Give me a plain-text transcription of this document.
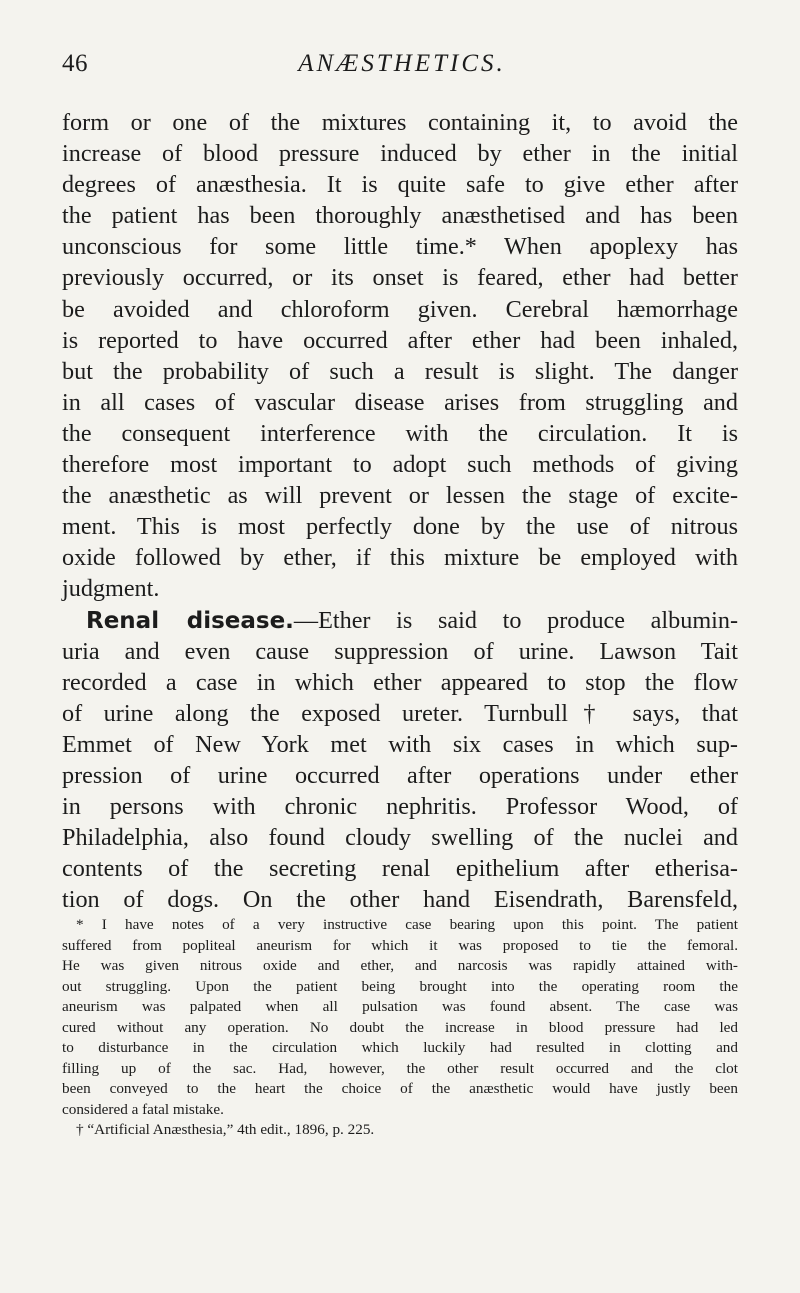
46	ANÆSTHETICS.
form or one of the mixtures containing it, to avoid the
increase of blood pressure induced by ether in the initial
degrees of anæsthesia. It is quite safe to give ether after
the patient has been thoroughly anæsthetised and has been
unconscious for some little time.* When apoplexy has
previously occurred, or its onset is feared, ether had better
be avoided and chloroform given. Cerebral hæmorrhage
is reported to have occurred after ether had been inhaled,
but the probability of such a result is slight. The danger
in all cases of vascular disease arises from struggling and
the consequent interference with the circulation. It is
therefore most important to adopt such methods of giving
the anæsthetic as will prevent or lessen the stage of excite-
ment. This is most perfectly done by the use of nitrous
oxide followed by ether, if this mixture be employed with
judgment.
Renal disease.—Ether is said to produce albumin-
uria and even cause suppression of urine. Lawson Tait
recorded a case in which ether appeared to stop the flow
of urine along the exposed ureter. Turnbull† says, that
Emmet of New York met with six cases in which sup-
pression of urine occurred after operations under ether
in persons with chronic nephritis. Professor Wood, of
Philadelphia, also found cloudy swelling of the nuclei and
contents of the secreting renal epithelium after etherisa-
tion of dogs. On the other hand Eisendrath, Barensfeld,
* I have notes of a very instructive case bearing upon this point. The patient
suffered from popliteal aneurism for which it was proposed to tie the femoral.
He was given nitrous oxide and ether, and narcosis was rapidly attained with-
out struggling. Upon the patient being brought into the operating room the
aneurism was palpated when all pulsation was found absent. The case was
cured without any operation. No doubt the increase in blood pressure had led
to disturbance in the circulation which luckily had resulted in clotting and
filling up of the sac. Had, however, the other result occurred and the clot
been conveyed to the heart the choice of the anæsthetic would have justly been
considered a fatal mistake.
† “Artificial Anæsthesia,” 4th edit., 1896, p. 225.
